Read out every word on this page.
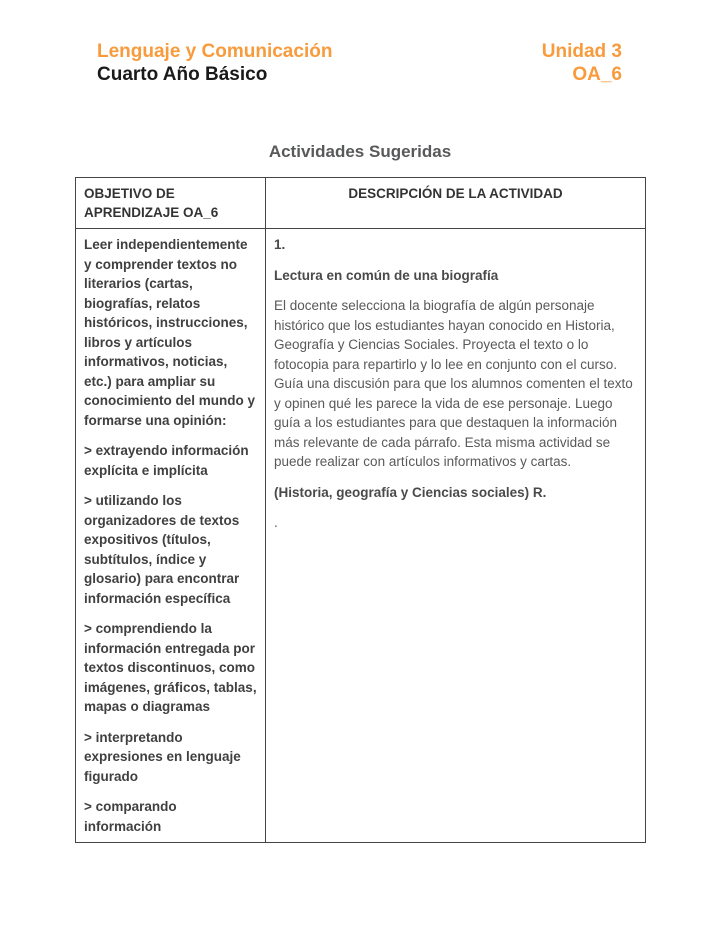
Lenguaje y Comunicación
Cuarto Año Básico
Unidad 3
OA_6
Actividades Sugeridas
OBJETIVO DE APRENDIZAJE OA_6	DESCRIPCIÓN DE LA ACTIVIDAD

Leer independientemente y comprender textos no literarios (cartas, biografías, relatos históricos, instrucciones, libros y artículos informativos, noticias, etc.) para ampliar su conocimiento del mundo y formarse una opinión:
> extrayendo información explícita e implícita
> utilizando los organizadores de textos expositivos (títulos, subtítulos, índice y glosario) para encontrar información específica
> comprendiendo la información entregada por textos discontinuos, como imágenes, gráficos, tablas, mapas o diagramas
> interpretando expresiones en lenguaje figurado
> comparando información

1.
Lectura en común de una biografía
El docente selecciona la biografía de algún personaje histórico que los estudiantes hayan conocido en Historia, Geografía y Ciencias Sociales. Proyecta el texto o lo fotocopia para repartirlo y lo lee en conjunto con el curso. Guía una discusión para que los alumnos comenten el texto y opinen qué les parece la vida de ese personaje. Luego guía a los estudiantes para que destaquen la información más relevante de cada párrafo. Esta misma actividad se puede realizar con artículos informativos y cartas.
(Historia, geografía y Ciencias sociales) R.
.
